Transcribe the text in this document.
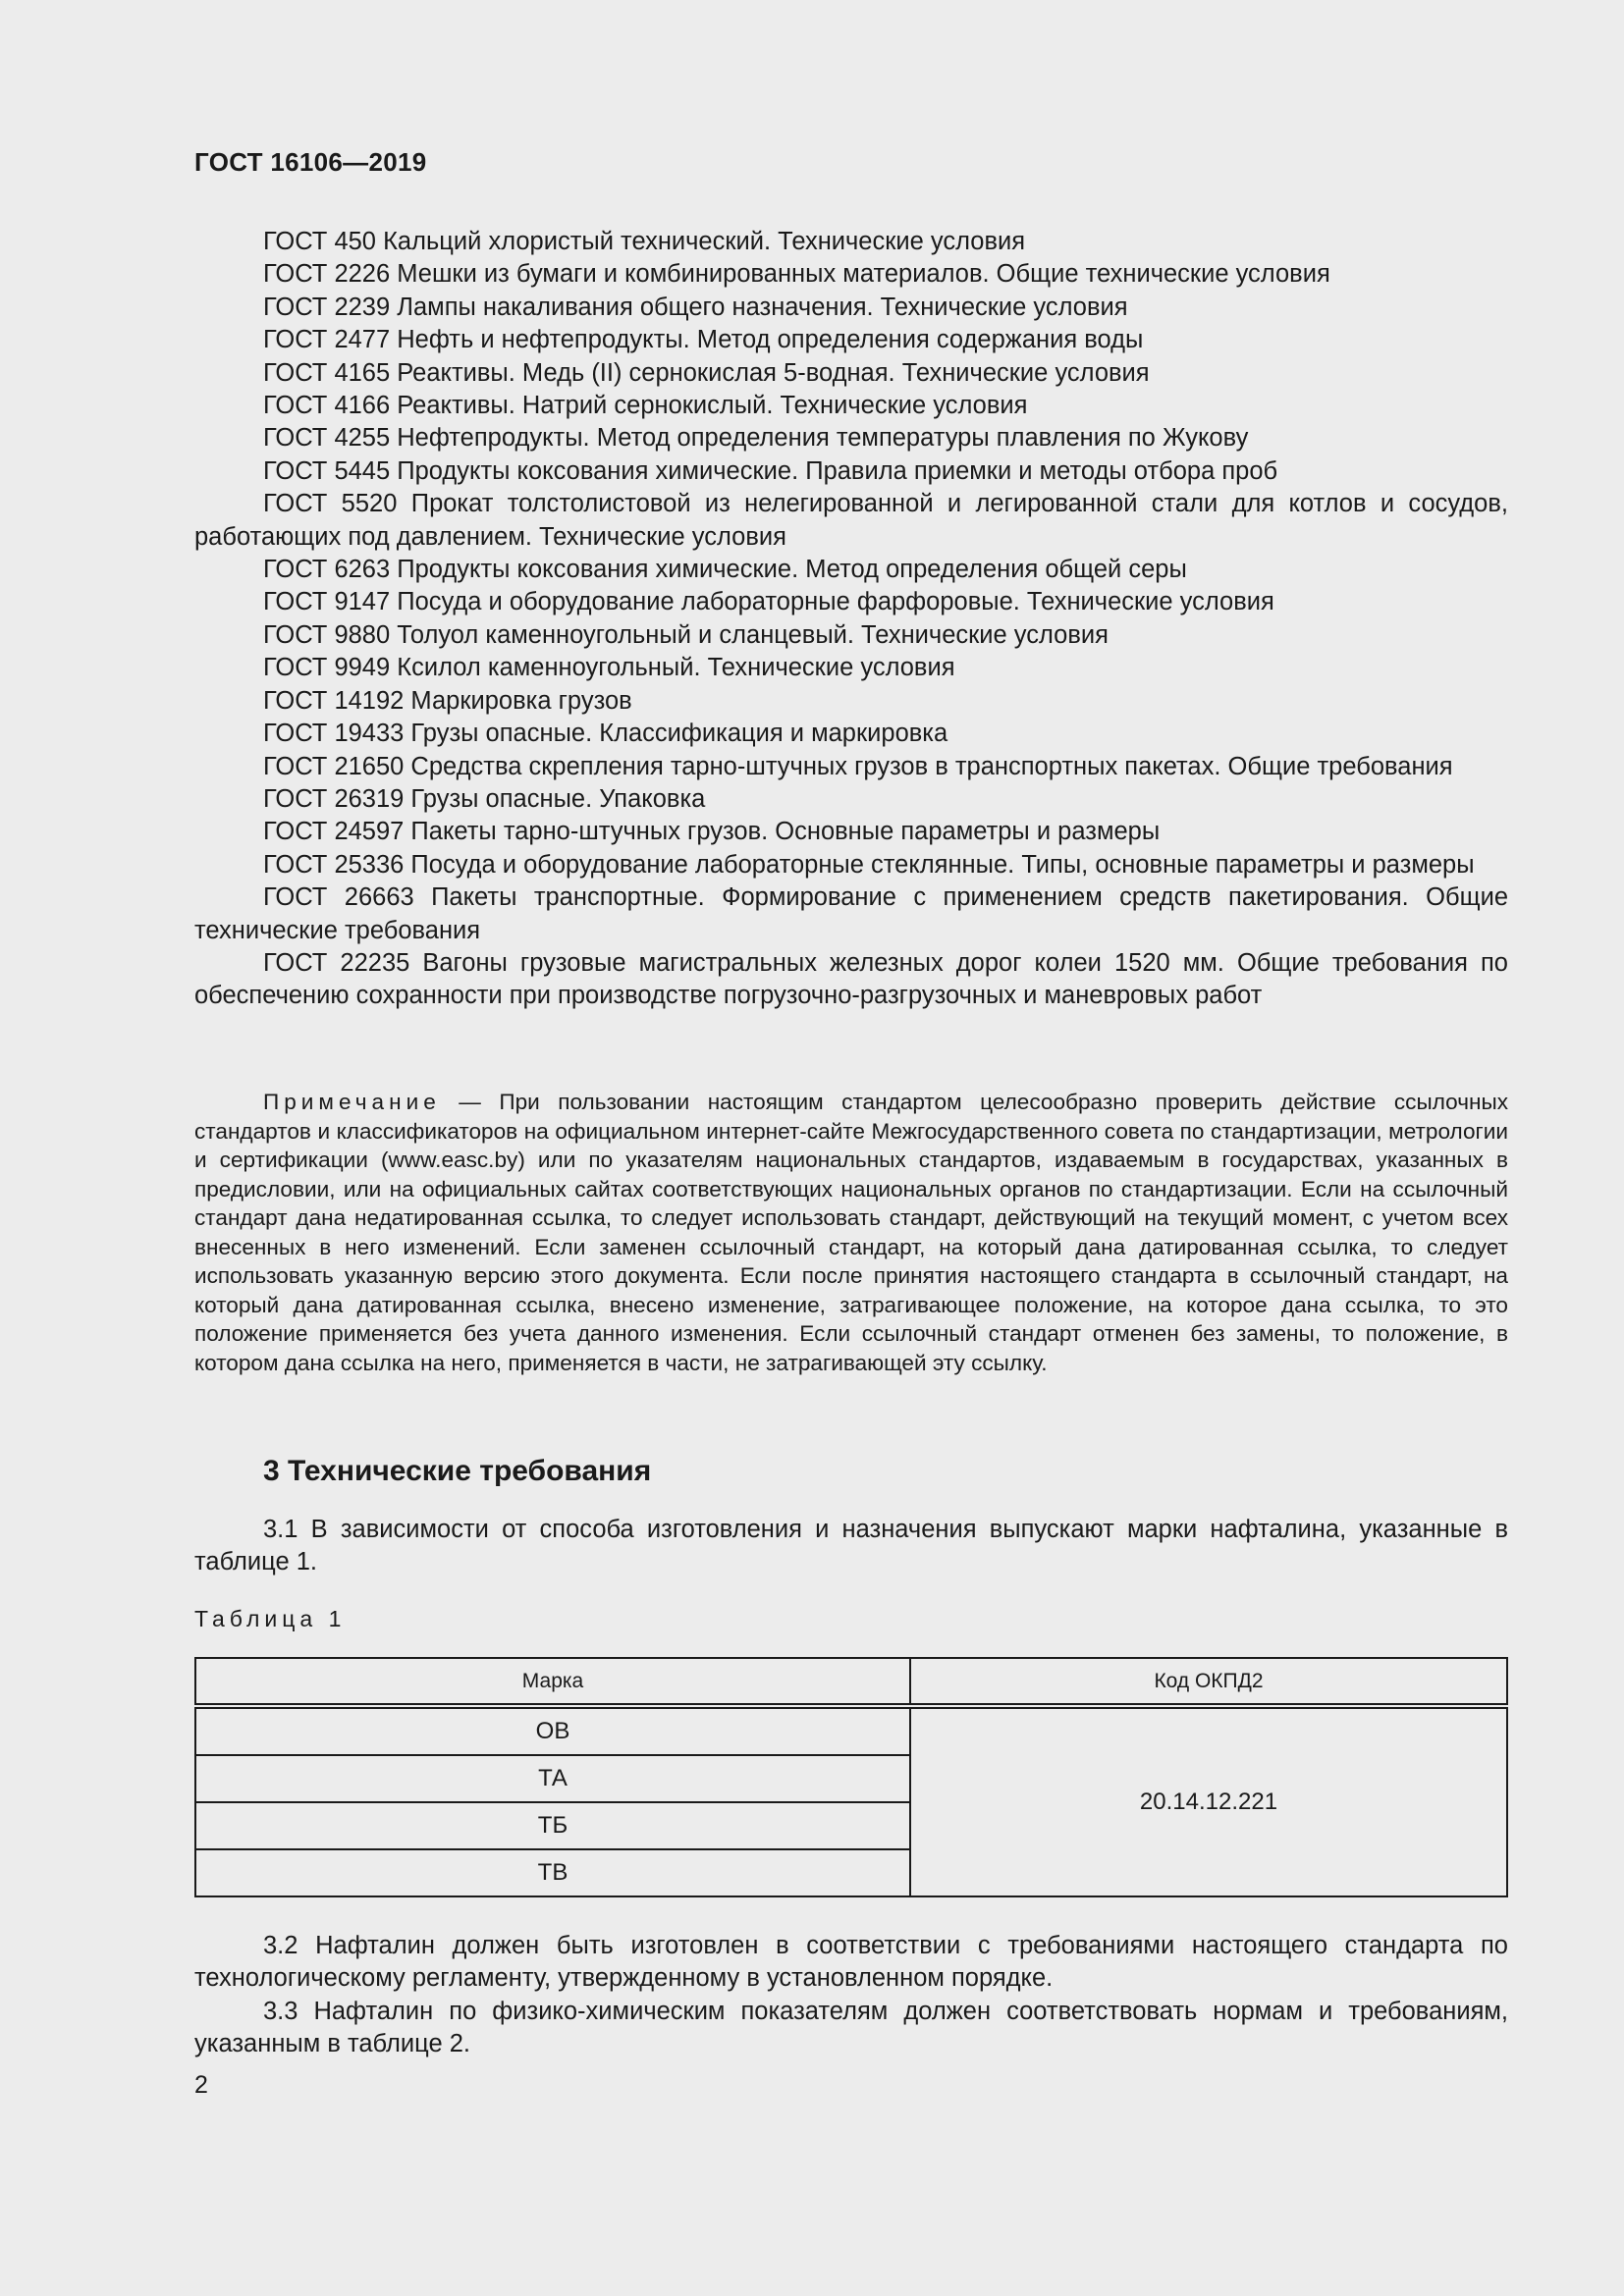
ГОСТ 16106—2019

ГОСТ 450 Кальций хлористый технический. Технические условия

ГОСТ 2226 Мешки из бумаги и комбинированных материалов. Общие технические условия

ГОСТ 2239 Лампы накаливания общего назначения. Технические условия

ГОСТ 2477 Нефть и нефтепродукты. Метод определения содержания воды

ГОСТ 4165 Реактивы. Медь (II) сернокислая 5-водная. Технические условия

ГОСТ 4166 Реактивы. Натрий сернокислый. Технические условия

ГОСТ 4255 Нефтепродукты. Метод определения температуры плавления по Жукову

ГОСТ 5445 Продукты коксования химические. Правила приемки и методы отбора проб

ГОСТ 5520 Прокат толстолистовой из нелегированной и легированной стали для котлов и сосудов, работающих под давлением. Технические условия

ГОСТ 6263 Продукты коксования химические. Метод определения общей серы

ГОСТ 9147 Посуда и оборудование лабораторные фарфоровые. Технические условия

ГОСТ 9880 Толуол каменноугольный и сланцевый. Технические условия

ГОСТ 9949 Ксилол каменноугольный. Технические условия

ГОСТ 14192 Маркировка грузов

ГОСТ 19433 Грузы опасные. Классификация и маркировка

ГОСТ 21650 Средства скрепления тарно-штучных грузов в транспортных пакетах. Общие требования

ГОСТ 26319 Грузы опасные. Упаковка

ГОСТ 24597 Пакеты тарно-штучных грузов. Основные параметры и размеры

ГОСТ 25336 Посуда и оборудование лабораторные стеклянные. Типы, основные параметры и размеры

ГОСТ 26663 Пакеты транспортные. Формирование с применением средств пакетирования. Общие технические требования

ГОСТ 22235 Вагоны грузовые магистральных железных дорог колеи 1520 мм. Общие требования по обеспечению сохранности при производстве погрузочно-разгрузочных и маневровых работ

Примечание — При пользовании настоящим стандартом целесообразно проверить действие ссылочных стандартов и классификаторов на официальном интернет-сайте Межгосударственного совета по стандартизации, метрологии и сертификации (www.easc.by) или по указателям национальных стандартов, издаваемым в государствах, указанных в предисловии, или на официальных сайтах соответствующих национальных органов по стандартизации. Если на ссылочный стандарт дана недатированная ссылка, то следует использовать стандарт, действующий на текущий момент, с учетом всех внесенных в него изменений. Если заменен ссылочный стандарт, на который дана датированная ссылка, то следует использовать указанную версию этого документа. Если после принятия настоящего стандарта в ссылочный стандарт, на который дана датированная ссылка, внесено изменение, затрагивающее положение, на которое дана ссылка, то это положение применяется без учета данного изменения. Если ссылочный стандарт отменен без замены, то положение, в котором дана ссылка на него, применяется в части, не затрагивающей эту ссылку.
3 Технические требования

3.1 В зависимости от способа изготовления и назначения выпускают марки нафталина, указанные в таблице 1.

Таблица 1
Марка	Код ОКПД2
ОВ	20.14.12.221
ТА	
ТБ	
ТВ	

3.2 Нафталин должен быть изготовлен в соответствии с требованиями настоящего стандарта по технологическому регламенту, утвержденному в установленном порядке.

3.3 Нафталин по физико-химическим показателям должен соответствовать нормам и требованиям, указанным в таблице 2.

2
